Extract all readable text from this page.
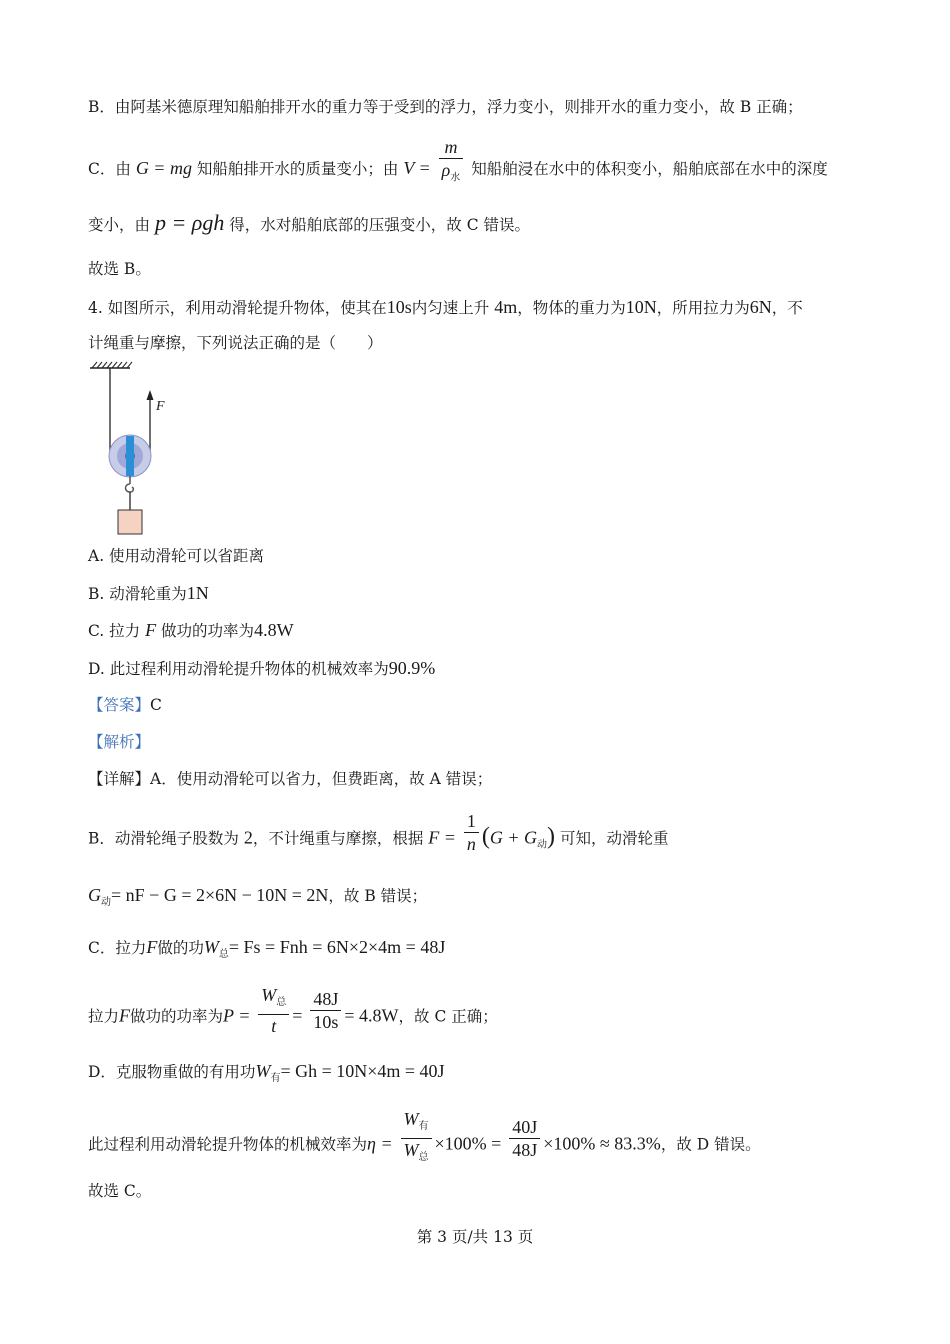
B．由阿基米德原理知船舶排开水的重力等于受到的浮力，浮力变小，则排开水的重力变小，故 B 正确；
C．由 G = mg 知船舶排开水的质量变小；由 $V = \frac{m}{\rho_水}$ 知船舶浸在水中的体积变小，船舶底部在水中的深度
变小，由 p = ρgh 得，水对船舶底部的压强变小，故 C 错误。
故选 B。
4. 如图所示，利用动滑轮提升物体，使其在10s内匀速上升 4m，物体的重力为10N，所用拉力为6N，不
计绳重与摩擦，下列说法正确的是（　　）
F
A. 使用动滑轮可以省距离
B. 动滑轮重为1N
C. 拉力 F 做功的功率为4.8W
D. 此过程利用动滑轮提升物体的机械效率为90.9%
【答案】C
【解析】
【详解】A．使用动滑轮可以省力，但费距离，故 A 错误；
B．动滑轮绳子股数为 2，不计绳重与摩擦，根据 $F = \frac{1}{n} (G + G_动)$ 可知，动滑轮重
$G_动=$ nF − G = 2×6N − 10N = 2N，故 B 错误；
C．拉力F做的功$W_总= Fs$ = Fnh = 6N×2×4m = 48J
拉力F做功的功率为$P = \frac{W_总}{t} = \frac{48J}{10s} = 4.8W$，故 C 正确；
D．克服物重做的有用功$W_有= Gh = 10N\times 4m = 40J$
此过程利用动滑轮提升物体的机械效率为$\eta = \frac{W_有}{W_总} \times 100\% = \frac{40J}{48J} \times 100\% \approx 83.3\%$，故 D 错误。
故选 C。
第 3 页/共 13 页
